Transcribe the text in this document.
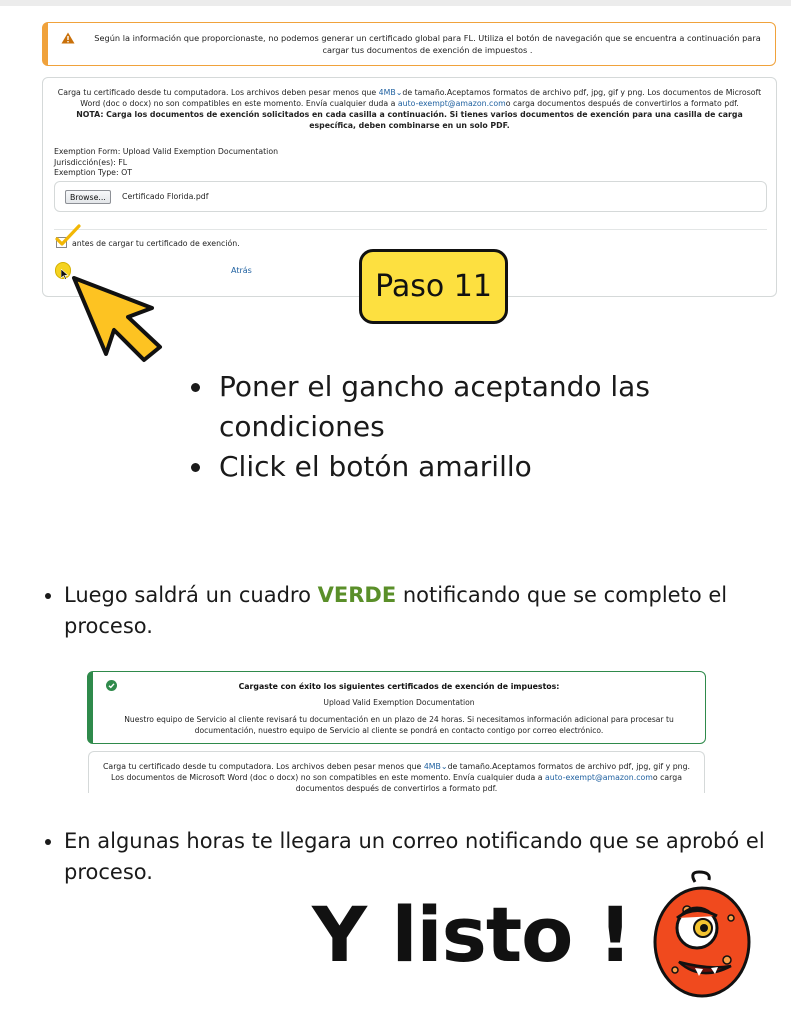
Según la información que proporcionaste, no podemos generar un certificado global para FL. Utiliza el botón de navegación que se encuentra a continuación para cargar tus documentos de exención de impuestos .
Carga tu certificado desde tu computadora. Los archivos deben pesar menos que 4MB⌄de tamaño.Aceptamos formatos de archivo pdf, jpg, gif y png. Los documentos de Microsoft Word (doc o docx) no son compatibles en este momento. Envía cualquier duda a auto-exempt@amazon.como carga documentos después de convertirlos a formato pdf.
NOTA: Carga los documentos de exención solicitados en cada casilla a continuación. Si tienes varios documentos de exención para una casilla de carga específica, deben combinarse en un solo PDF.
Exemption Form: Upload Valid Exemption Documentation
Jurisdicción(es): FL
Exemption Type: OT
Browse...	Certificado Florida.pdf
antes de cargar tu certificado de exención.
Atrás	Paso 11
• Poner el gancho aceptando las condiciones
• Click el botón amarillo
• Luego saldrá un cuadro VERDE notificando que se completo el proceso.
Cargaste con éxito los siguientes certificados de exención de impuestos:
Upload Valid Exemption Documentation
Nuestro equipo de Servicio al cliente revisará tu documentación en un plazo de 24 horas. Si necesitamos información adicional para procesar tu documentación, nuestro equipo de Servicio al cliente se pondrá en contacto contigo por correo electrónico.
Carga tu certificado desde tu computadora. Los archivos deben pesar menos que 4MB⌄de tamaño.Aceptamos formatos de archivo pdf, jpg, gif y png. Los documentos de Microsoft Word (doc o docx) no son compatibles en este momento. Envía cualquier duda a auto-exempt@amazon.como carga documentos después de convertirlos a formato pdf.
• En algunas horas te llegara un correo notificando que se aprobó el proceso.
Y listo !
